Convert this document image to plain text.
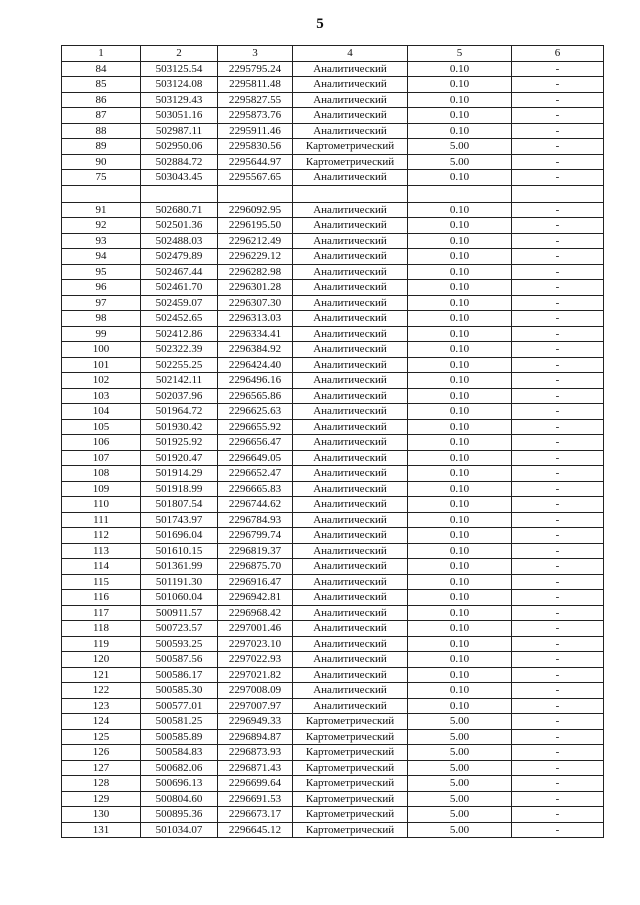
5
1	2	3	4	5	6
84	503125.54	2295795.24	Аналитический	0.10	-
85	503124.08	2295811.48	Аналитический	0.10	-
86	503129.43	2295827.55	Аналитический	0.10	-
87	503051.16	2295873.76	Аналитический	0.10	-
88	502987.11	2295911.46	Аналитический	0.10	-
89	502950.06	2295830.56	Картометрический	5.00	-
90	502884.72	2295644.97	Картометрический	5.00	-
75	503043.45	2295567.65	Аналитический	0.10	-

91	502680.71	2296092.95	Аналитический	0.10	-
92	502501.36	2296195.50	Аналитический	0.10	-
93	502488.03	2296212.49	Аналитический	0.10	-
94	502479.89	2296229.12	Аналитический	0.10	-
95	502467.44	2296282.98	Аналитический	0.10	-
96	502461.70	2296301.28	Аналитический	0.10	-
97	502459.07	2296307.30	Аналитический	0.10	-
98	502452.65	2296313.03	Аналитический	0.10	-
99	502412.86	2296334.41	Аналитический	0.10	-
100	502322.39	2296384.92	Аналитический	0.10	-
101	502255.25	2296424.40	Аналитический	0.10	-
102	502142.11	2296496.16	Аналитический	0.10	-
103	502037.96	2296565.86	Аналитический	0.10	-
104	501964.72	2296625.63	Аналитический	0.10	-
105	501930.42	2296655.92	Аналитический	0.10	-
106	501925.92	2296656.47	Аналитический	0.10	-
107	501920.47	2296649.05	Аналитический	0.10	-
108	501914.29	2296652.47	Аналитический	0.10	-
109	501918.99	2296665.83	Аналитический	0.10	-
110	501807.54	2296744.62	Аналитический	0.10	-
111	501743.97	2296784.93	Аналитический	0.10	-
112	501696.04	2296799.74	Аналитический	0.10	-
113	501610.15	2296819.37	Аналитический	0.10	-
114	501361.99	2296875.70	Аналитический	0.10	-
115	501191.30	2296916.47	Аналитический	0.10	-
116	501060.04	2296942.81	Аналитический	0.10	-
117	500911.57	2296968.42	Аналитический	0.10	-
118	500723.57	2297001.46	Аналитический	0.10	-
119	500593.25	2297023.10	Аналитический	0.10	-
120	500587.56	2297022.93	Аналитический	0.10	-
121	500586.17	2297021.82	Аналитический	0.10	-
122	500585.30	2297008.09	Аналитический	0.10	-
123	500577.01	2297007.97	Аналитический	0.10	-
124	500581.25	2296949.33	Картометрический	5.00	-
125	500585.89	2296894.87	Картометрический	5.00	-
126	500584.83	2296873.93	Картометрический	5.00	-
127	500682.06	2296871.43	Картометрический	5.00	-
128	500696.13	2296699.64	Картометрический	5.00	-
129	500804.60	2296691.53	Картометрический	5.00	-
130	500895.36	2296673.17	Картометрический	5.00	-
131	501034.07	2296645.12	Картометрический	5.00	-
